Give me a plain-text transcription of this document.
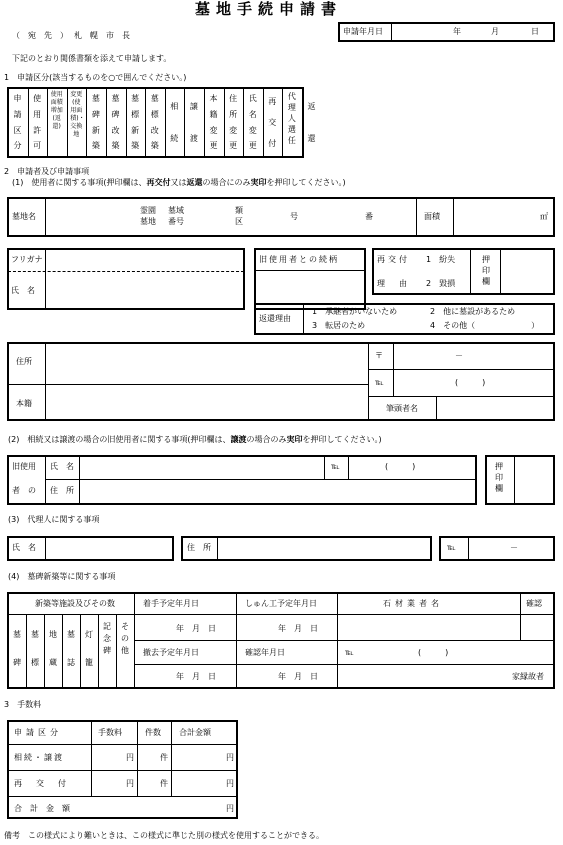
墓地手続申請書
（　宛　先　） 札　幌　市　長	申請年月日	年	月	日
下記のとおり関係書類を添えて申請します。
1　申請区分(該当するものを○で囲んでください。)
申請区分
使用許可
使用面積増加(返還)
変更(使用面積)・交換地
墓碑新築
墓碑改築
墓標新築
墓標改築
相続
譲渡
本籍変更
住所変更
氏名変更
再交付
代理人選任
返還
2　申請者及び申請事項
(1)　使用者に関する事項(押印欄は、再交付又は返還の場合にのみ実印を押印してください。)
墓地名
霊園墓地
墓域番号
類区
号	番	面積	㎡
フリガナ
氏　名
旧使用者との続柄	再交付
理　由
1　紛失
2　毀損
押印欄
返還理由
1　承継者がいないため	2　他に墓設があるため
3　転居のため	4　その他（　　　　　　　）
住所
本籍
〒	－
℡	(　　　)
筆頭者名
(2)　相続又は譲渡の場合の旧使用者に関する事項(押印欄は、譲渡の場合のみ実印を押印してください。)
旧使用
者　の
氏　名
住　所
℡	(　　　)	押印欄
(3)　代理人に関する事項
氏　名	住　所	℡	－
(4)　墓碑新築等に関する事項
新築等施設及びその数
墓碑
墓標
地蔵
墓誌
灯籠
記念碑
その他
着手予定年月日	しゅん工予定年月日
年　月　日	年　月　日
撤去予定年月日	確認年月日
年　月　日	年　月　日
石材業者名	確認
℡	(　　　)
家縁故者
3　手数料
申請区分	手数料	件数 合計金額
相続・譲渡	円	件	円
再交付	円	件	円
合計金額	円
備考　この様式により難いときは、この様式に準じた別の様式を使用することができる。
